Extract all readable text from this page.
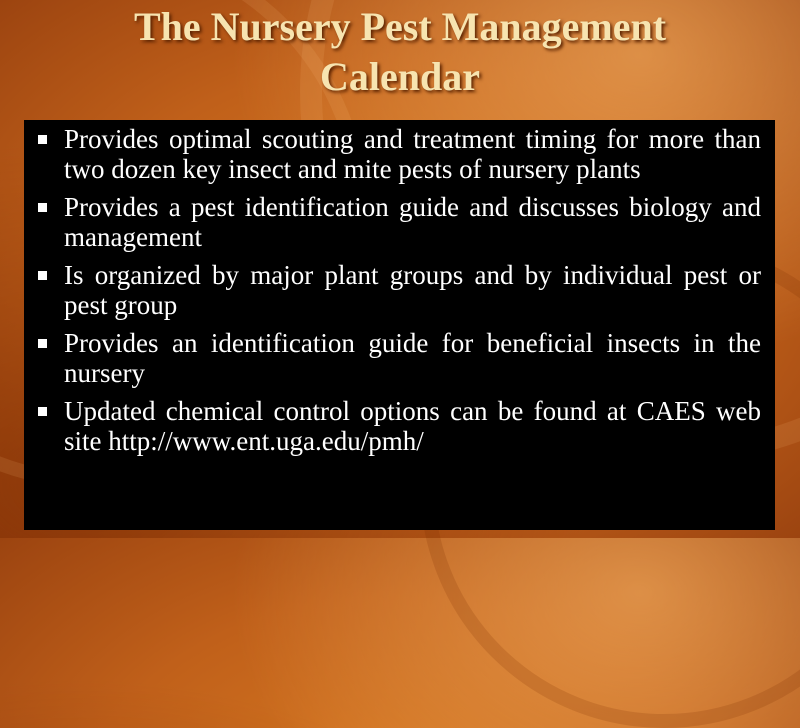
The Nursery Pest Management
Calendar
Provides optimal scouting and treatment timing for more than two dozen key insect and mite pests of nursery plants
Provides a pest identification guide and discusses biology and management
Is organized by major plant groups and by individual pest or pest group
Provides an identification guide for beneficial insects in the nursery
Updated chemical control options can be found at CAES web site http://www.ent.uga.edu/pmh/
